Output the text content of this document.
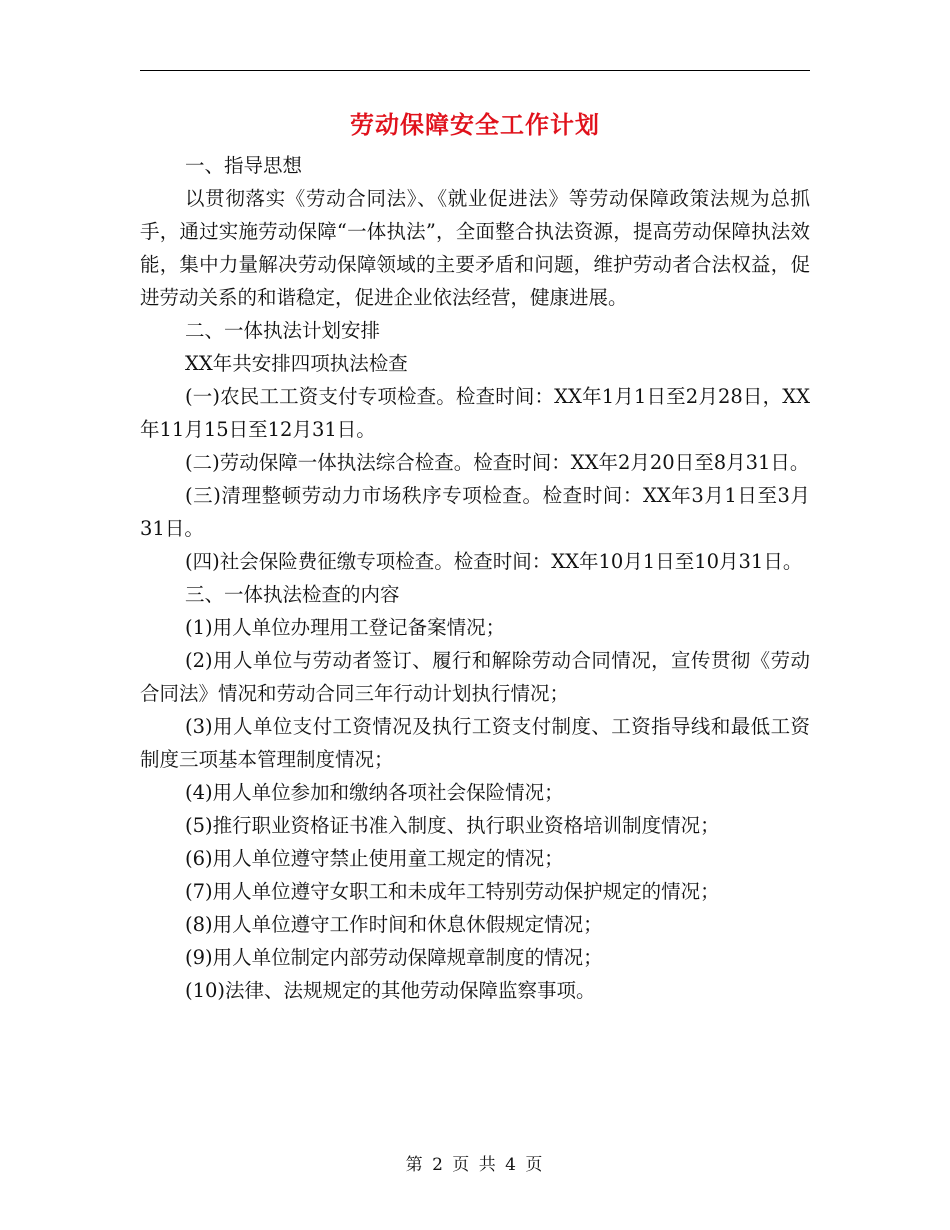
劳动保障安全工作计划

一、指导思想

以贯彻落实《劳动合同法》、《就业促进法》等劳动保障政策法规为总抓手，通过实施劳动保障“一体执法”，全面整合执法资源，提高劳动保障执法效能，集中力量解决劳动保障领域的主要矛盾和问题，维护劳动者合法权益，促进劳动关系的和谐稳定，促进企业依法经营，健康进展。

二、一体执法计划安排

XX年共安排四项执法检查

(一)农民工工资支付专项检查。检查时间：XX年1月1日至2月28日，XX年11月15日至12月31日。

(二)劳动保障一体执法综合检查。检查时间：XX年2月20日至8月31日。

(三)清理整顿劳动力市场秩序专项检查。检查时间：XX年3月1日至3月31日。

(四)社会保险费征缴专项检查。检查时间：XX年10月1日至10月31日。

三、一体执法检查的内容

(1)用人单位办理用工登记备案情况；

(2)用人单位与劳动者签订、履行和解除劳动合同情况，宣传贯彻《劳动合同法》情况和劳动合同三年行动计划执行情况；

(3)用人单位支付工资情况及执行工资支付制度、工资指导线和最低工资制度三项基本管理制度情况；

(4)用人单位参加和缴纳各项社会保险情况；

(5)推行职业资格证书准入制度、执行职业资格培训制度情况；

(6)用人单位遵守禁止使用童工规定的情况；

(7)用人单位遵守女职工和未成年工特别劳动保护规定的情况；

(8)用人单位遵守工作时间和休息休假规定情况；

(9)用人单位制定内部劳动保障规章制度的情况；

(10)法律、法规规定的其他劳动保障监察事项。

第 2 页 共 4 页
